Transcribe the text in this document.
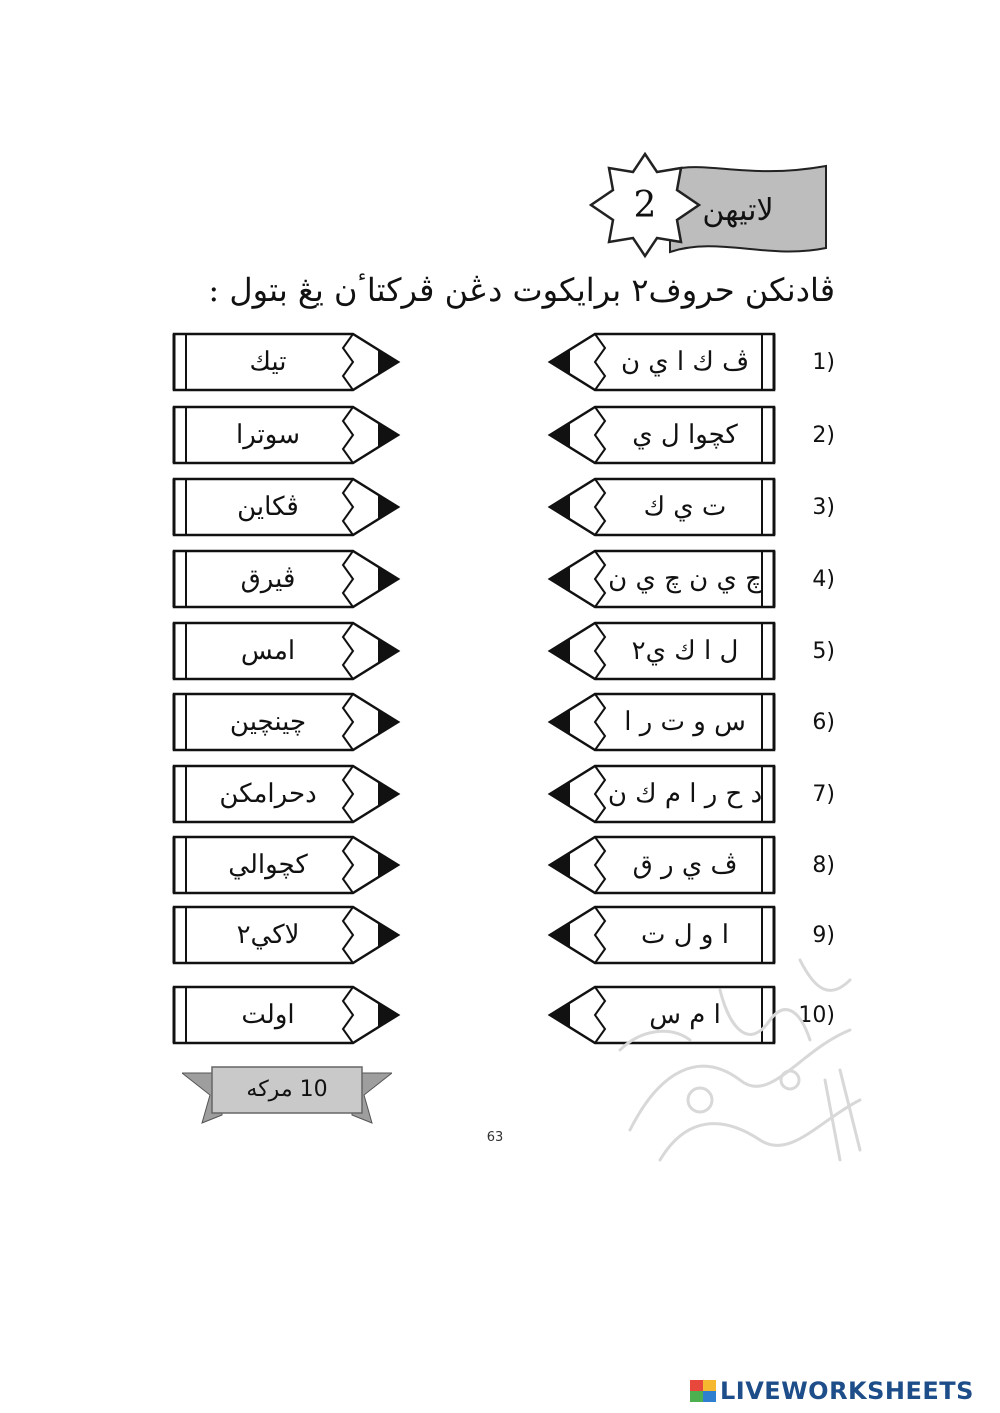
لاتيهن
2
ڤادنكن حروف٢ برايكوت دڠن ڤركتاٴن يڠ بتول :
تيك	ڤ ك ا ي ن	1)
سوترا	كچوا ل ي	2)
ڤكاين	ت ي ك	3)
ڤيرق	چ ي ن چ ي ن	4)
امس	ل ا ك ي٢	5)
چينچين	س و ت ر ا	6)
دحرامكن	د ح ر ا م ك ن	7)
كچوالي	ڤ ي ر ق	8)
لاكي٢	ا و ل ت	9)
اولت	ا م س	10)
10 مركه
63
LIVEWORKSHEETS
